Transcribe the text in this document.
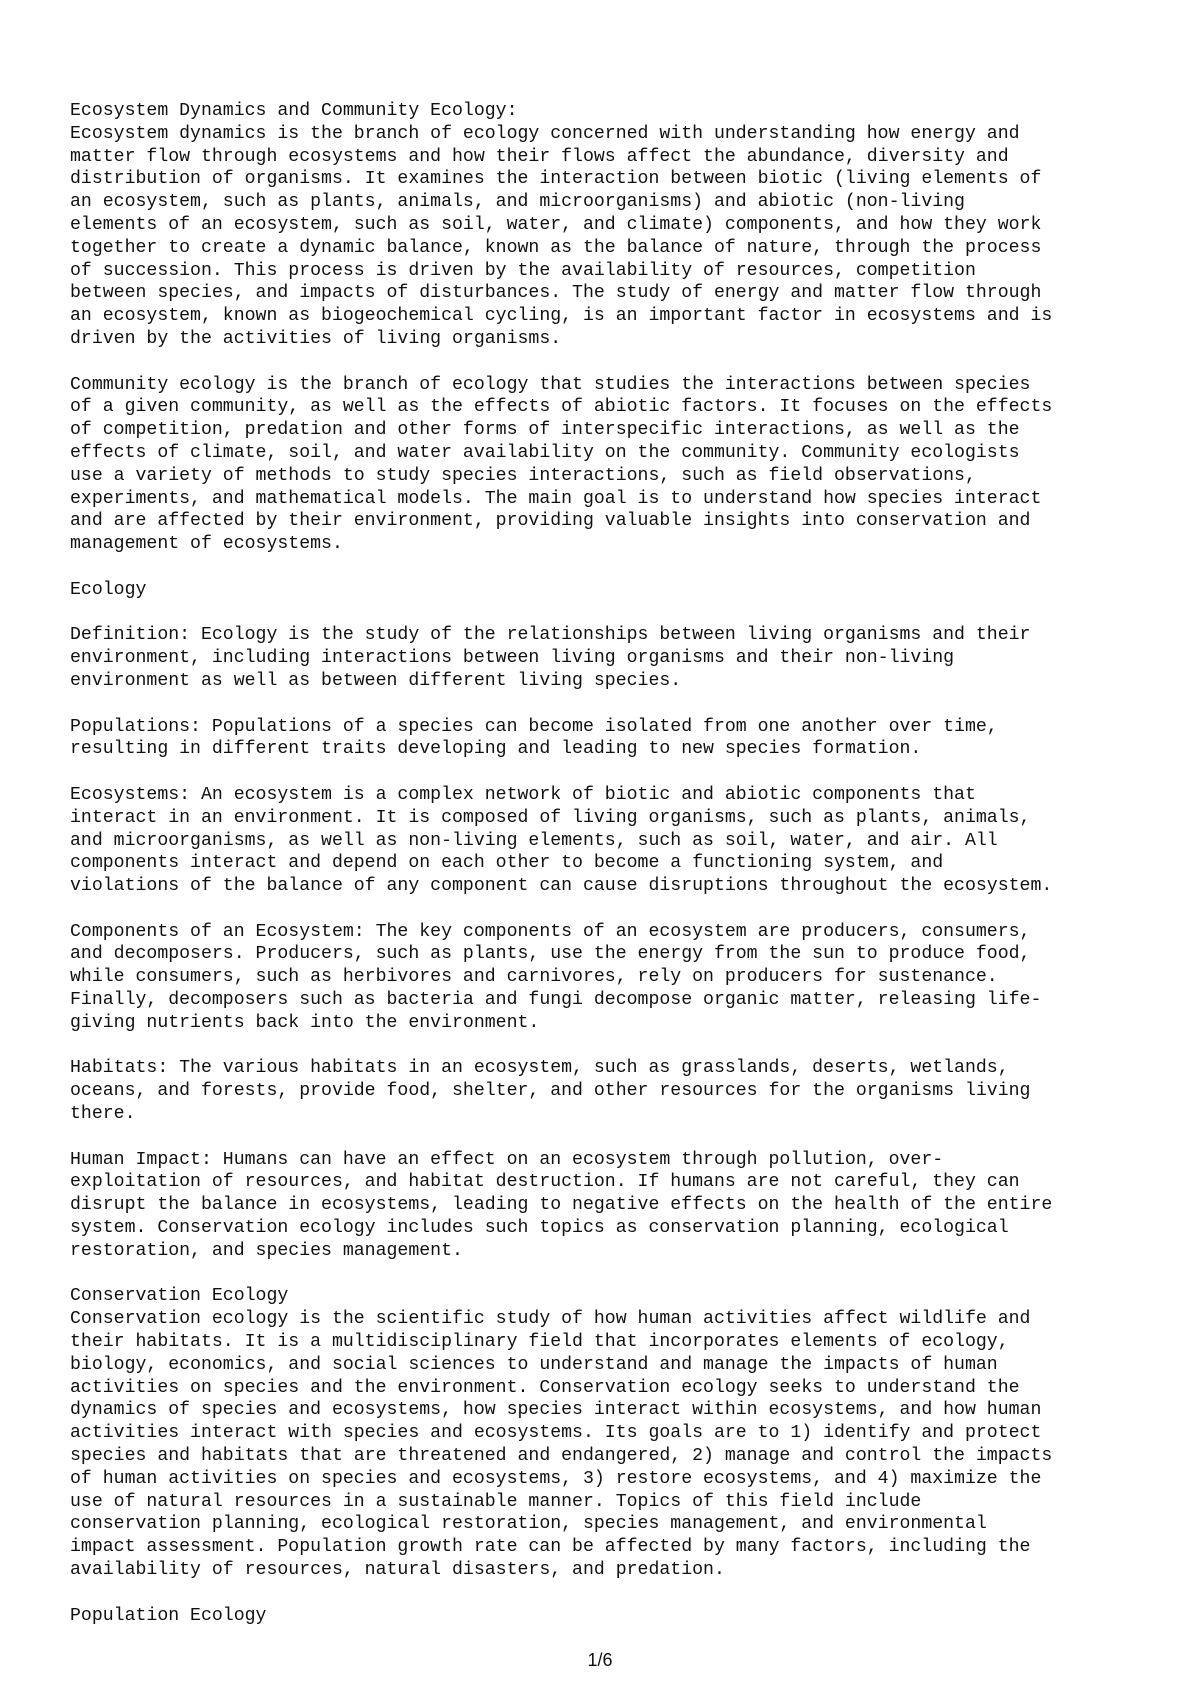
Ecosystem Dynamics and Community Ecology:
Ecosystem dynamics is the branch of ecology concerned with understanding how energy and
matter flow through ecosystems and how their flows affect the abundance, diversity and
distribution of organisms. It examines the interaction between biotic (living elements of
an ecosystem, such as plants, animals, and microorganisms) and abiotic (non-living
elements of an ecosystem, such as soil, water, and climate) components, and how they work
together to create a dynamic balance, known as the balance of nature, through the process
of succession. This process is driven by the availability of resources, competition
between species, and impacts of disturbances. The study of energy and matter flow through
an ecosystem, known as biogeochemical cycling, is an important factor in ecosystems and is
driven by the activities of living organisms.
Community ecology is the branch of ecology that studies the interactions between species
of a given community, as well as the effects of abiotic factors. It focuses on the effects
of competition, predation and other forms of interspecific interactions, as well as the
effects of climate, soil, and water availability on the community. Community ecologists
use a variety of methods to study species interactions, such as field observations,
experiments, and mathematical models. The main goal is to understand how species interact
and are affected by their environment, providing valuable insights into conservation and
management of ecosystems.
Ecology
Definition: Ecology is the study of the relationships between living organisms and their
environment, including interactions between living organisms and their non-living
environment as well as between different living species.
Populations: Populations of a species can become isolated from one another over time,
resulting in different traits developing and leading to new species formation.
Ecosystems: An ecosystem is a complex network of biotic and abiotic components that
interact in an environment. It is composed of living organisms, such as plants, animals,
and microorganisms, as well as non-living elements, such as soil, water, and air. All
components interact and depend on each other to become a functioning system, and
violations of the balance of any component can cause disruptions throughout the ecosystem.
Components of an Ecosystem: The key components of an ecosystem are producers, consumers,
and decomposers. Producers, such as plants, use the energy from the sun to produce food,
while consumers, such as herbivores and carnivores, rely on producers for sustenance.
Finally, decomposers such as bacteria and fungi decompose organic matter, releasing life-
giving nutrients back into the environment.
Habitats: The various habitats in an ecosystem, such as grasslands, deserts, wetlands,
oceans, and forests, provide food, shelter, and other resources for the organisms living
there.
Human Impact: Humans can have an effect on an ecosystem through pollution, over-
exploitation of resources, and habitat destruction. If humans are not careful, they can
disrupt the balance in ecosystems, leading to negative effects on the health of the entire
system. Conservation ecology includes such topics as conservation planning, ecological
restoration, and species management.
Conservation Ecology
Conservation ecology is the scientific study of how human activities affect wildlife and
their habitats. It is a multidisciplinary field that incorporates elements of ecology,
biology, economics, and social sciences to understand and manage the impacts of human
activities on species and the environment. Conservation ecology seeks to understand the
dynamics of species and ecosystems, how species interact within ecosystems, and how human
activities interact with species and ecosystems. Its goals are to 1) identify and protect
species and habitats that are threatened and endangered, 2) manage and control the impacts
of human activities on species and ecosystems, 3) restore ecosystems, and 4) maximize the
use of natural resources in a sustainable manner. Topics of this field include
conservation planning, ecological restoration, species management, and environmental
impact assessment. Population growth rate can be affected by many factors, including the
availability of resources, natural disasters, and predation.
Population Ecology
1/6
